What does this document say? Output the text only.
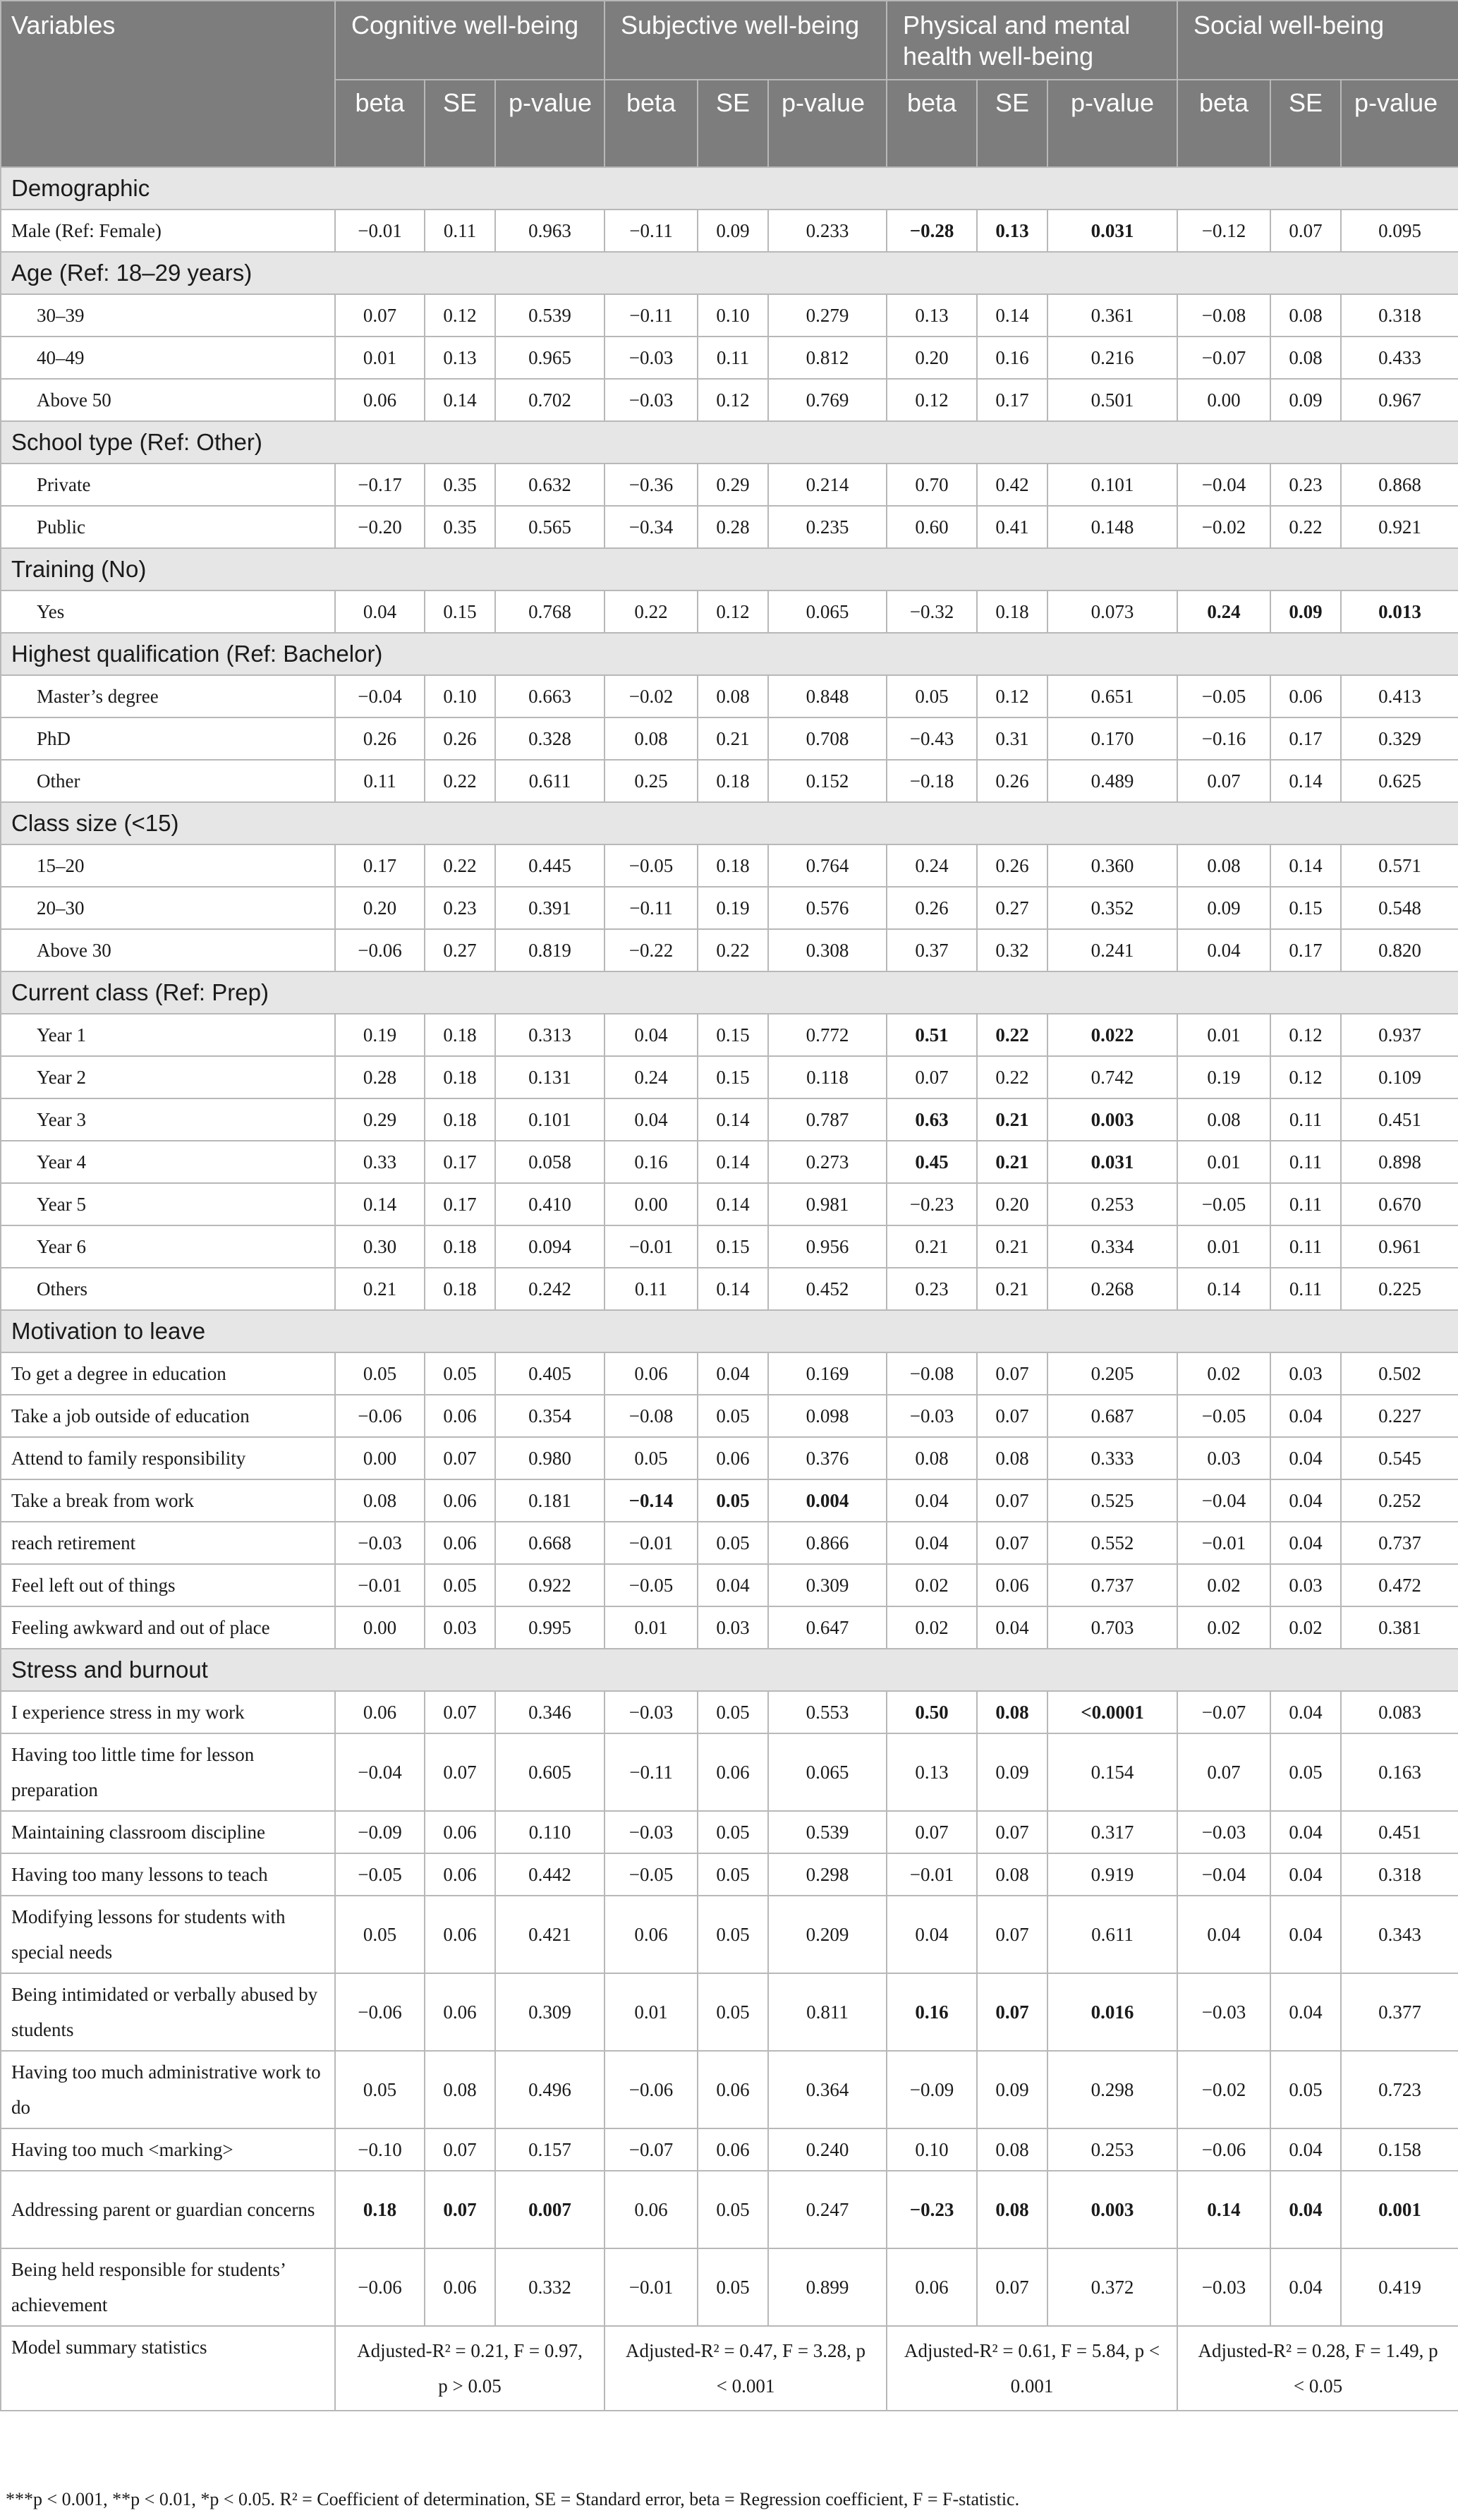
Variables	Cognitive well-being			Subjective well-being			Physical and mental health well-being			Social well-being		
	beta	SE	p-value	beta	SE	p-value	beta	SE	p-value	beta	SE	p-value
Demographic												
Male (Ref: Female)	−0.01	0.11	0.963	−0.11	0.09	0.233	−0.28	0.13	0.031	−0.12	0.07	0.095
Age (Ref: 18–29 years)												
30–39	0.07	0.12	0.539	−0.11	0.10	0.279	0.13	0.14	0.361	−0.08	0.08	0.318
40–49	0.01	0.13	0.965	−0.03	0.11	0.812	0.20	0.16	0.216	−0.07	0.08	0.433
Above 50	0.06	0.14	0.702	−0.03	0.12	0.769	0.12	0.17	0.501	0.00	0.09	0.967
School type (Ref: Other)												
Private	−0.17	0.35	0.632	−0.36	0.29	0.214	0.70	0.42	0.101	−0.04	0.23	0.868
Public	−0.20	0.35	0.565	−0.34	0.28	0.235	0.60	0.41	0.148	−0.02	0.22	0.921
Training (No)												
Yes	0.04	0.15	0.768	0.22	0.12	0.065	−0.32	0.18	0.073	0.24	0.09	0.013
Highest qualification (Ref: Bachelor)												
Master’s degree	−0.04	0.10	0.663	−0.02	0.08	0.848	0.05	0.12	0.651	−0.05	0.06	0.413
PhD	0.26	0.26	0.328	0.08	0.21	0.708	−0.43	0.31	0.170	−0.16	0.17	0.329
Other	0.11	0.22	0.611	0.25	0.18	0.152	−0.18	0.26	0.489	0.07	0.14	0.625
Class size (<15)												
15–20	0.17	0.22	0.445	−0.05	0.18	0.764	0.24	0.26	0.360	0.08	0.14	0.571
20–30	0.20	0.23	0.391	−0.11	0.19	0.576	0.26	0.27	0.352	0.09	0.15	0.548
Above 30	−0.06	0.27	0.819	−0.22	0.22	0.308	0.37	0.32	0.241	0.04	0.17	0.820
Current class (Ref: Prep)												
Year 1	0.19	0.18	0.313	0.04	0.15	0.772	0.51	0.22	0.022	0.01	0.12	0.937
Year 2	0.28	0.18	0.131	0.24	0.15	0.118	0.07	0.22	0.742	0.19	0.12	0.109
Year 3	0.29	0.18	0.101	0.04	0.14	0.787	0.63	0.21	0.003	0.08	0.11	0.451
Year 4	0.33	0.17	0.058	0.16	0.14	0.273	0.45	0.21	0.031	0.01	0.11	0.898
Year 5	0.14	0.17	0.410	0.00	0.14	0.981	−0.23	0.20	0.253	−0.05	0.11	0.670
Year 6	0.30	0.18	0.094	−0.01	0.15	0.956	0.21	0.21	0.334	0.01	0.11	0.961
Others	0.21	0.18	0.242	0.11	0.14	0.452	0.23	0.21	0.268	0.14	0.11	0.225
Motivation to leave												
To get a degree in education	0.05	0.05	0.405	0.06	0.04	0.169	−0.08	0.07	0.205	0.02	0.03	0.502
Take a job outside of education	−0.06	0.06	0.354	−0.08	0.05	0.098	−0.03	0.07	0.687	−0.05	0.04	0.227
Attend to family responsibility	0.00	0.07	0.980	0.05	0.06	0.376	0.08	0.08	0.333	0.03	0.04	0.545
Take a break from work	0.08	0.06	0.181	−0.14	0.05	0.004	0.04	0.07	0.525	−0.04	0.04	0.252
reach retirement	−0.03	0.06	0.668	−0.01	0.05	0.866	0.04	0.07	0.552	−0.01	0.04	0.737
Feel left out of things	−0.01	0.05	0.922	−0.05	0.04	0.309	0.02	0.06	0.737	0.02	0.03	0.472
Feeling awkward and out of place	0.00	0.03	0.995	0.01	0.03	0.647	0.02	0.04	0.703	0.02	0.02	0.381
Stress and burnout												
I experience stress in my work	0.06	0.07	0.346	−0.03	0.05	0.553	0.50	0.08	<0.0001	−0.07	0.04	0.083
Having too little time for lesson preparation	−0.04	0.07	0.605	−0.11	0.06	0.065	0.13	0.09	0.154	0.07	0.05	0.163
Maintaining classroom discipline	−0.09	0.06	0.110	−0.03	0.05	0.539	0.07	0.07	0.317	−0.03	0.04	0.451
Having too many lessons to teach	−0.05	0.06	0.442	−0.05	0.05	0.298	−0.01	0.08	0.919	−0.04	0.04	0.318
Modifying lessons for students with special needs	0.05	0.06	0.421	0.06	0.05	0.209	0.04	0.07	0.611	0.04	0.04	0.343
Being intimidated or verbally abused by students	−0.06	0.06	0.309	0.01	0.05	0.811	0.16	0.07	0.016	−0.03	0.04	0.377
Having too much administrative work to do	0.05	0.08	0.496	−0.06	0.06	0.364	−0.09	0.09	0.298	−0.02	0.05	0.723
Having too much <marking>	−0.10	0.07	0.157	−0.07	0.06	0.240	0.10	0.08	0.253	−0.06	0.04	0.158
Addressing parent or guardian concerns	0.18	0.07	0.007	0.06	0.05	0.247	−0.23	0.08	0.003	0.14	0.04	0.001
Being held responsible for students’ achievement	−0.06	0.06	0.332	−0.01	0.05	0.899	0.06	0.07	0.372	−0.03	0.04	0.419
Model summary statistics	Adjusted-R² = 0.21, F = 0.97, p > 0.05			Adjusted-R² = 0.47, F = 3.28, p < 0.001			Adjusted-R² = 0.61, F = 5.84, p < 0.001			Adjusted-R² = 0.28, F = 1.49, p < 0.05		
***p < 0.001, **p < 0.01, *p < 0.05. R² = Coefficient of determination, SE = Standard error, beta = Regression coefficient, F = F-statistic.
